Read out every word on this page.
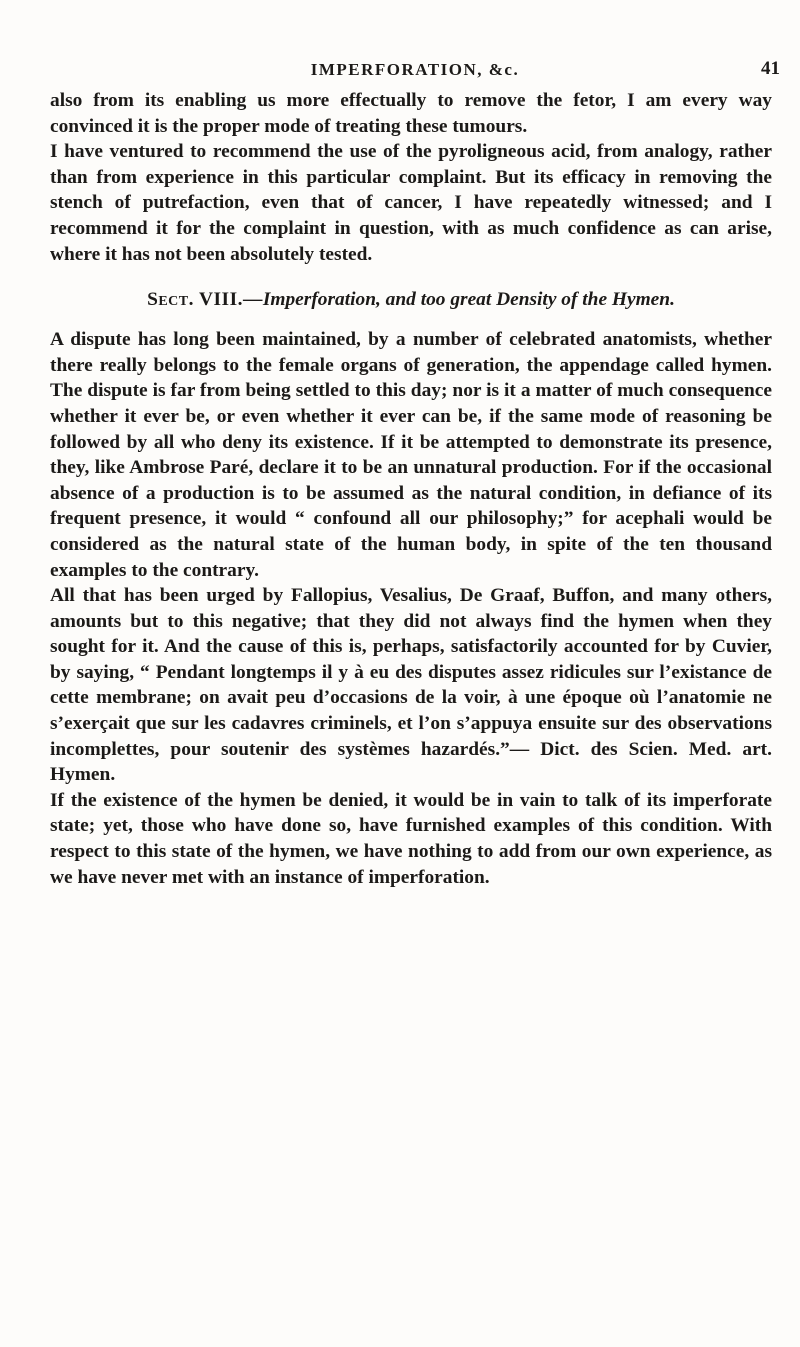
IMPERFORATION, &c.	41

also from its enabling us more effectually to remove the fetor, I am every way convinced it is the proper mode of treating these tumours.

I have ventured to recommend the use of the pyroligneous acid, from analogy, rather than from experience in this particular complaint. But its efficacy in removing the stench of putrefaction, even that of cancer, I have repeatedly witnessed; and I recommend it for the complaint in question, with as much confidence as can arise, where it has not been absolutely tested.

Sect. VIII.—Imperforation, and too great Density of the Hymen.

A dispute has long been maintained, by a number of celebrated anatomists, whether there really belongs to the female organs of generation, the appendage called hymen. The dispute is far from being settled to this day; nor is it a matter of much consequence whether it ever be, or even whether it ever can be, if the same mode of reasoning be followed by all who deny its existence. If it be attempted to demonstrate its presence, they, like Ambrose Paré, declare it to be an unnatural production. For if the occasional absence of a production is to be assumed as the natural condition, in defiance of its frequent presence, it would “ confound all our philosophy;” for acephali would be considered as the natural state of the human body, in spite of the ten thousand examples to the contrary.

All that has been urged by Fallopius, Vesalius, De Graaf, Buffon, and many others, amounts but to this negative; that they did not always find the hymen when they sought for it. And the cause of this is, perhaps, satisfactorily accounted for by Cuvier, by saying, “ Pendant longtemps il y à eu des disputes assez ridicules sur l’existance de cette membrane; on avait peu d’occasions de la voir, à une époque où l’anatomie ne s’exerçait que sur les cadavres criminels, et l’on s’appuya ensuite sur des observations incomplettes, pour soutenir des systèmes hazardés.”— Dict. des Scien. Med. art. Hymen.

If the existence of the hymen be denied, it would be in vain to talk of its imperforate state; yet, those who have done so, have furnished examples of this condition. With respect to this state of the hymen, we have nothing to add from our own experience, as we have never met with an instance of imperforation.
